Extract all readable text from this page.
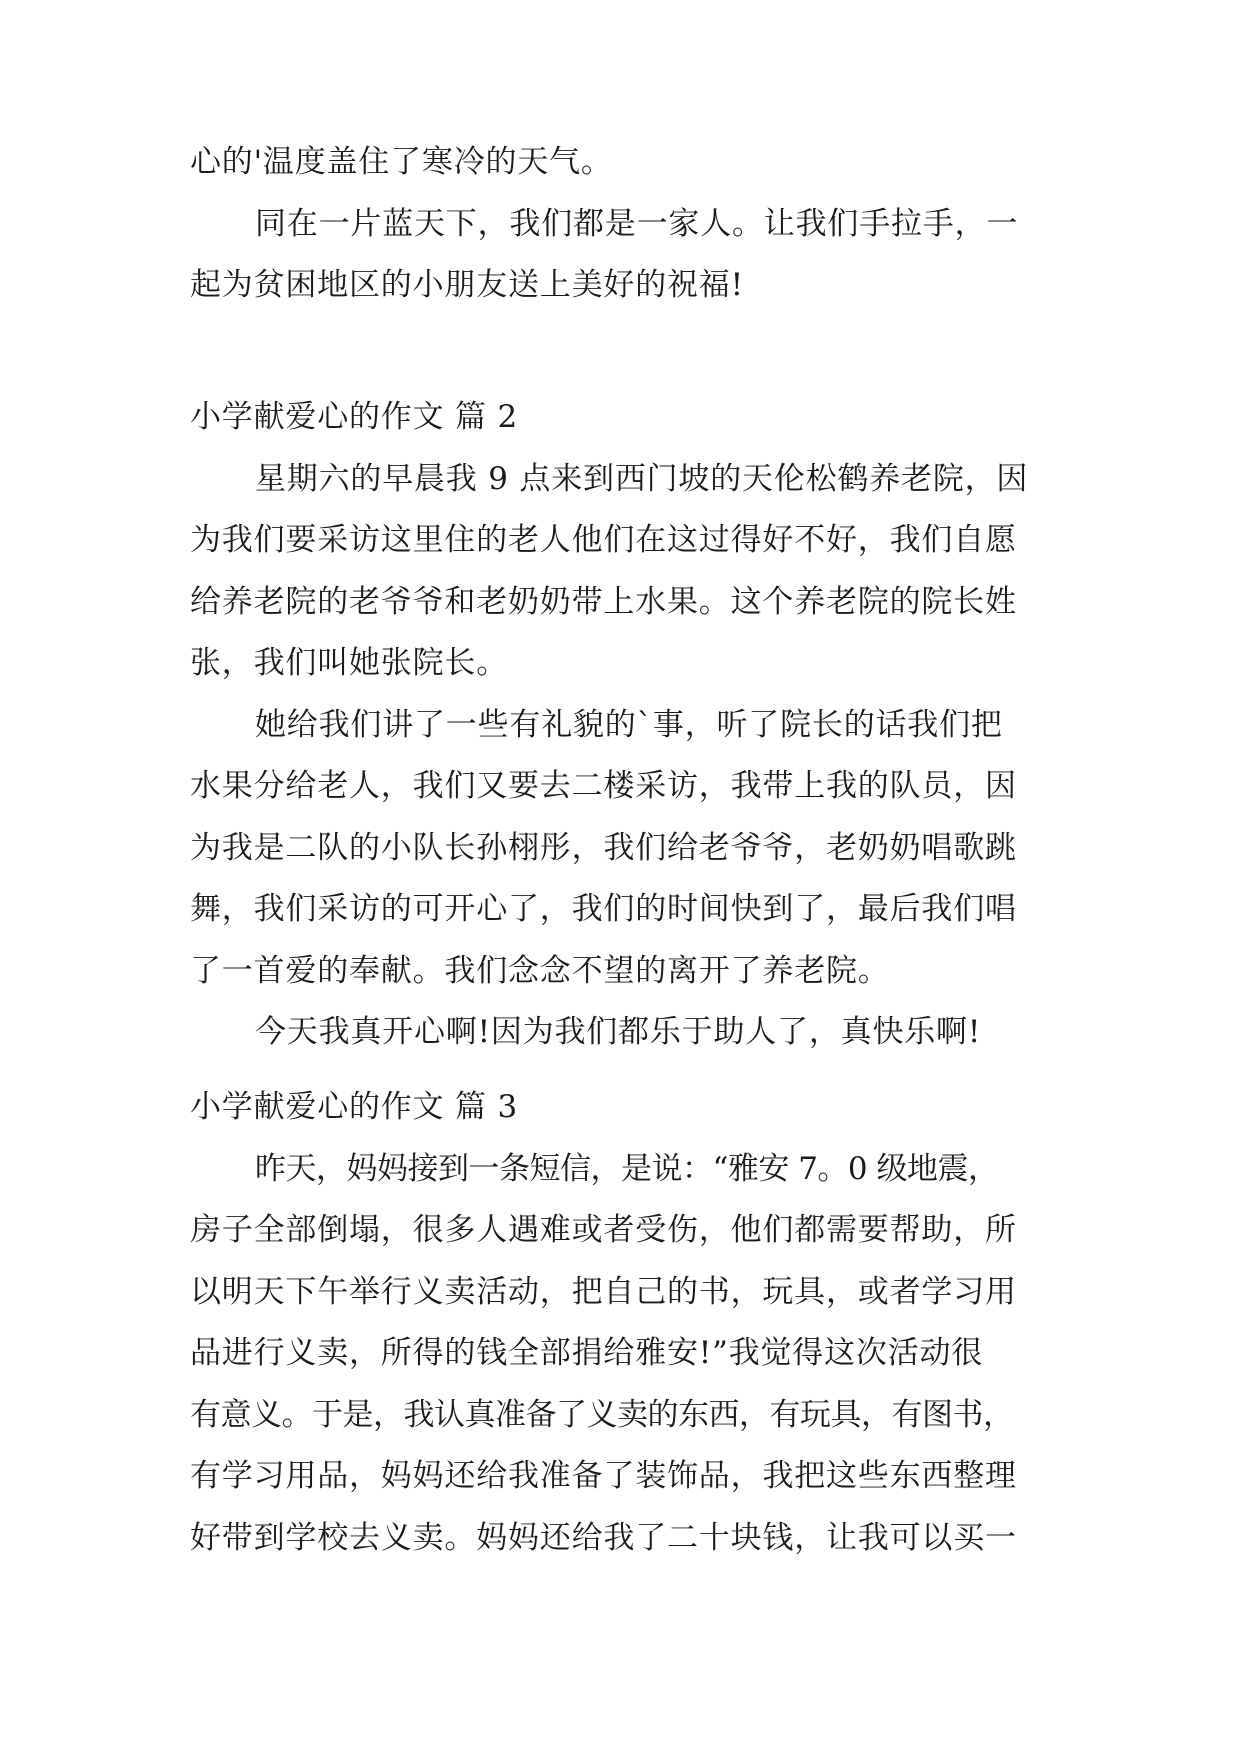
心的'温度盖住了寒冷的天气。
同在一片蓝天下，我们都是一家人。让我们手拉手，一
起为贫困地区的小朋友送上美好的祝福!
小学献爱心的作文 篇 2
星期六的早晨我 9 点来到西门坡的天伦松鹤养老院，因
为我们要采访这里住的老人他们在这过得好不好，我们自愿
给养老院的老爷爷和老奶奶带上水果。这个养老院的院长姓
张，我们叫她张院长。
她给我们讲了一些有礼貌的`事，听了院长的话我们把
水果分给老人，我们又要去二楼采访，我带上我的队员，因
为我是二队的小队长孙栩彤，我们给老爷爷，老奶奶唱歌跳
舞，我们采访的可开心了，我们的时间快到了，最后我们唱
了一首爱的奉献。我们念念不望的离开了养老院。
今天我真开心啊!因为我们都乐于助人了，真快乐啊!
小学献爱心的作文 篇 3
昨天，妈妈接到一条短信，是说：“雅安 7。0 级地震，
房子全部倒塌，很多人遇难或者受伤，他们都需要帮助，所
以明天下午举行义卖活动，把自己的书，玩具，或者学习用
品进行义卖，所得的钱全部捐给雅安!”我觉得这次活动很
有意义。于是，我认真准备了义卖的东西，有玩具，有图书，
有学习用品，妈妈还给我准备了装饰品，我把这些东西整理
好带到学校去义卖。妈妈还给我了二十块钱，让我可以买一
